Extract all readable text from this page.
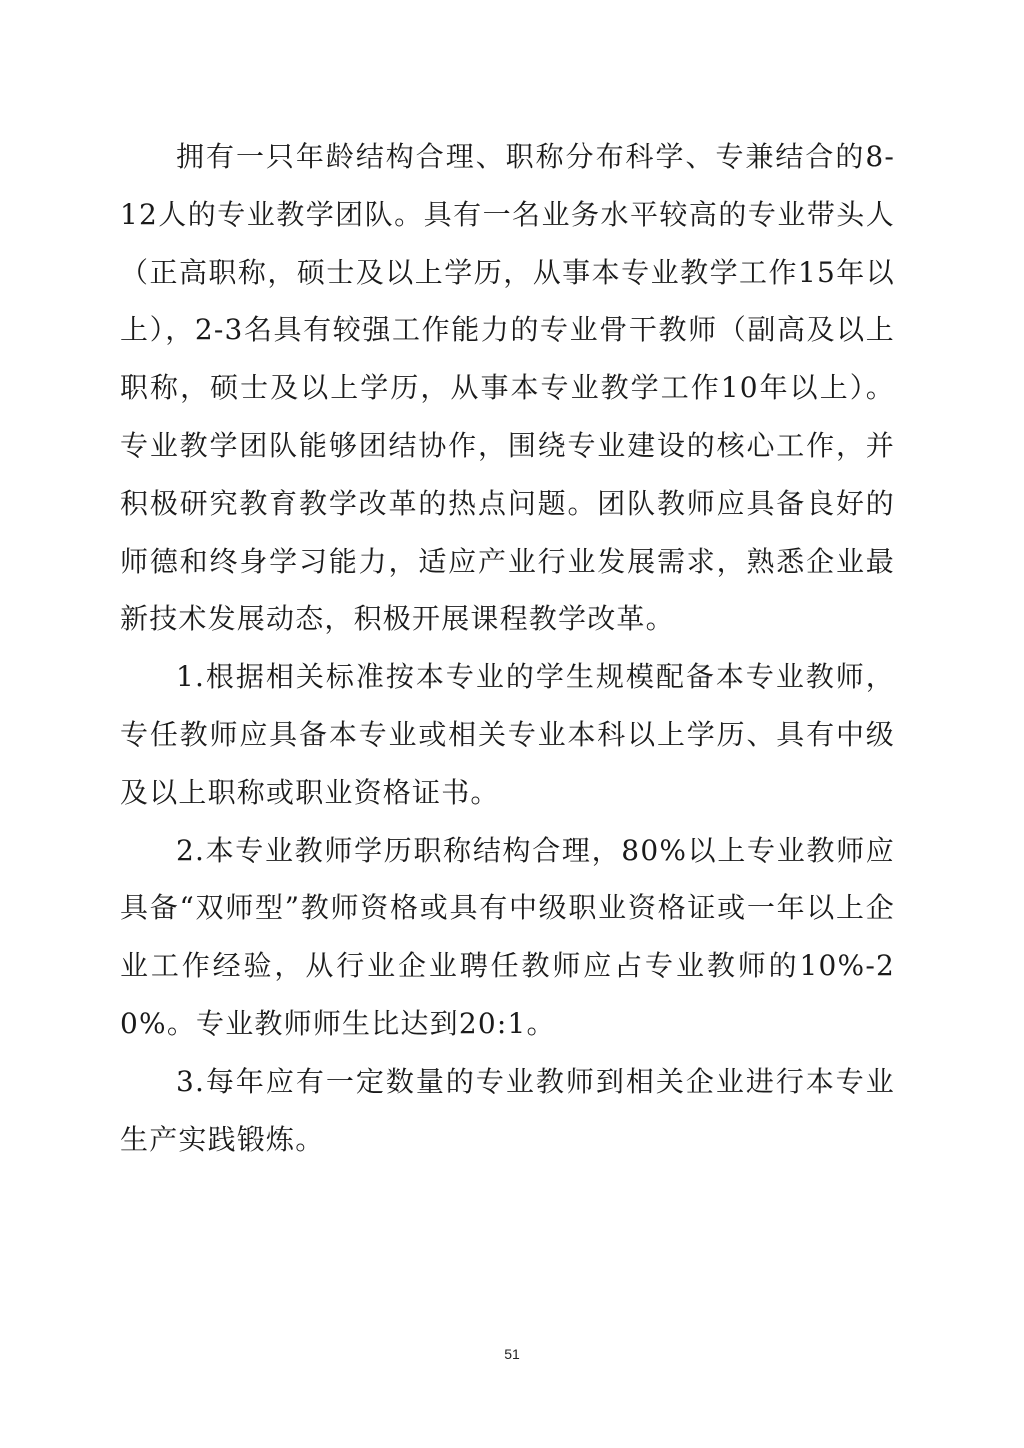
拥有一只年龄结构合理、职称分布科学、专兼结合的8-12人的专业教学团队。具有一名业务水平较高的专业带头人（正高职称，硕士及以上学历，从事本专业教学工作15年以上），2-3名具有较强工作能力的专业骨干教师（副高及以上职称，硕士及以上学历，从事本专业教学工作10年以上）。专业教学团队能够团结协作，围绕专业建设的核心工作，并积极研究教育教学改革的热点问题。团队教师应具备良好的师德和终身学习能力，适应产业行业发展需求，熟悉企业最新技术发展动态，积极开展课程教学改革。

1.根据相关标准按本专业的学生规模配备本专业教师，专任教师应具备本专业或相关专业本科以上学历、具有中级及以上职称或职业资格证书。

2.本专业教师学历职称结构合理，80%以上专业教师应具备“双师型”教师资格或具有中级职业资格证或一年以上企业工作经验，从行业企业聘任教师应占专业教师的10%-20%。专业教师师生比达到20:1。

3.每年应有一定数量的专业教师到相关企业进行本专业生产实践锻炼。

51
